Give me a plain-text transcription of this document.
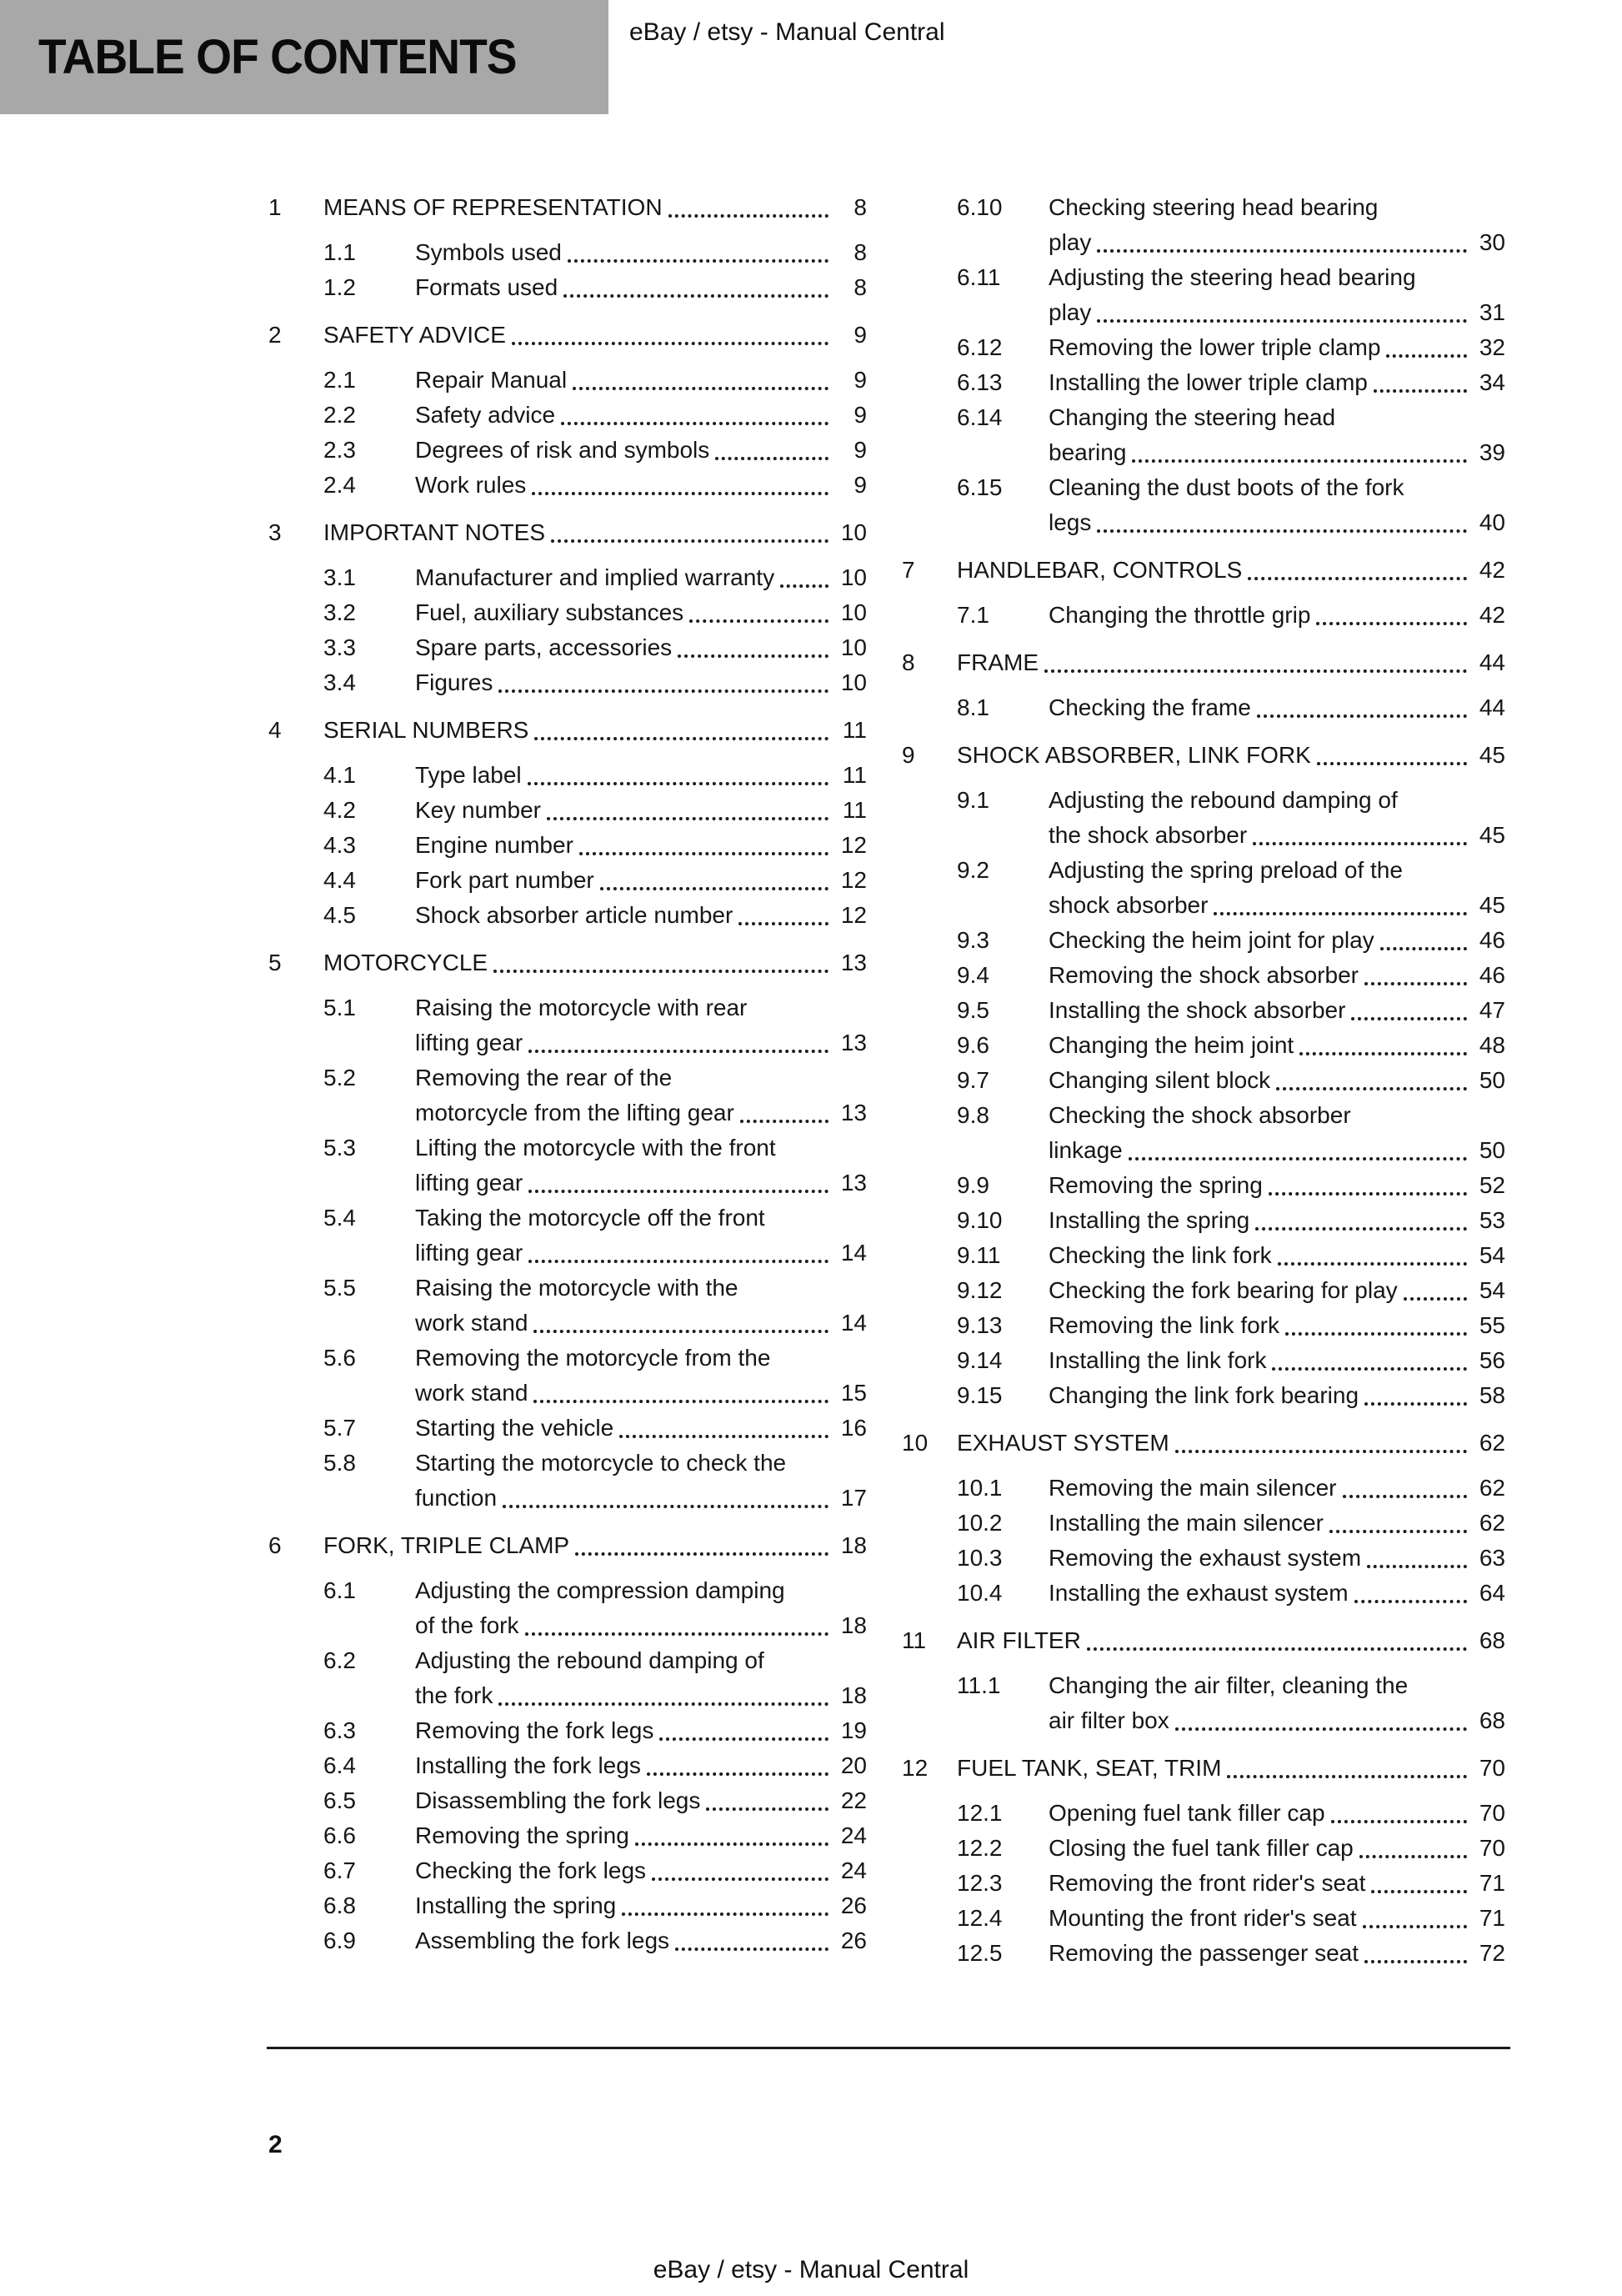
TABLE OF CONTENTS	eBay / etsy - Manual Central
1	MEANS OF REPRESENTATION	8
1.1	Symbols used	8
1.2	Formats used	8
2	SAFETY ADVICE	9
2.1	Repair Manual	9
2.2	Safety advice	9
2.3	Degrees of risk and symbols	9
2.4	Work rules	9
3	IMPORTANT NOTES	10
3.1	Manufacturer and implied warranty	10
3.2	Fuel, auxiliary substances	10
3.3	Spare parts, accessories	10
3.4	Figures	10
4	SERIAL NUMBERS	11
4.1	Type label	11
4.2	Key number	11
4.3	Engine number	12
4.4	Fork part number	12
4.5	Shock absorber article number	12
5	MOTORCYCLE	13
5.1	Raising the motorcycle with rear
lifting gear	13
5.2	Removing the rear of the
motorcycle from the lifting gear	13
5.3	Lifting the motorcycle with the front
lifting gear	13
5.4	Taking the motorcycle off the front
lifting gear	14
5.5	Raising the motorcycle with the
work stand	14
5.6	Removing the motorcycle from the
work stand	15
5.7	Starting the vehicle	16
5.8	Starting the motorcycle to check the
function	17
6	FORK, TRIPLE CLAMP	18
6.1	Adjusting the compression damping
of the fork	18
6.2	Adjusting the rebound damping of
the fork	18
6.3	Removing the fork legs	19
6.4	Installing the fork legs	20
6.5	Disassembling the fork legs	22
6.6	Removing the spring	24
6.7	Checking the fork legs	24
6.8	Installing the spring	26
6.9	Assembling the fork legs	26
6.10	Checking steering head bearing
play	30
6.11	Adjusting the steering head bearing
play	31
6.12	Removing the lower triple clamp	32
6.13	Installing the lower triple clamp	34
6.14	Changing the steering head
bearing	39
6.15	Cleaning the dust boots of the fork
legs	40
7	HANDLEBAR, CONTROLS	42
7.1	Changing the throttle grip	42
8	FRAME	44
8.1	Checking the frame	44
9	SHOCK ABSORBER, LINK FORK	45
9.1	Adjusting the rebound damping of
the shock absorber	45
9.2	Adjusting the spring preload of the
shock absorber	45
9.3	Checking the heim joint for play	46
9.4	Removing the shock absorber	46
9.5	Installing the shock absorber	47
9.6	Changing the heim joint	48
9.7	Changing silent block	50
9.8	Checking the shock absorber
linkage	50
9.9	Removing the spring	52
9.10	Installing the spring	53
9.11	Checking the link fork	54
9.12	Checking the fork bearing for play	54
9.13	Removing the link fork	55
9.14	Installing the link fork	56
9.15	Changing the link fork bearing	58
10	EXHAUST SYSTEM	62
10.1	Removing the main silencer	62
10.2	Installing the main silencer	62
10.3	Removing the exhaust system	63
10.4	Installing the exhaust system	64
11	AIR FILTER	68
11.1	Changing the air filter, cleaning the
air filter box	68
12	FUEL TANK, SEAT, TRIM	70
12.1	Opening fuel tank filler cap	70
12.2	Closing the fuel tank filler cap	70
12.3	Removing the front rider's seat	71
12.4	Mounting the front rider's seat	71
12.5	Removing the passenger seat	72
2
eBay / etsy - Manual Central
